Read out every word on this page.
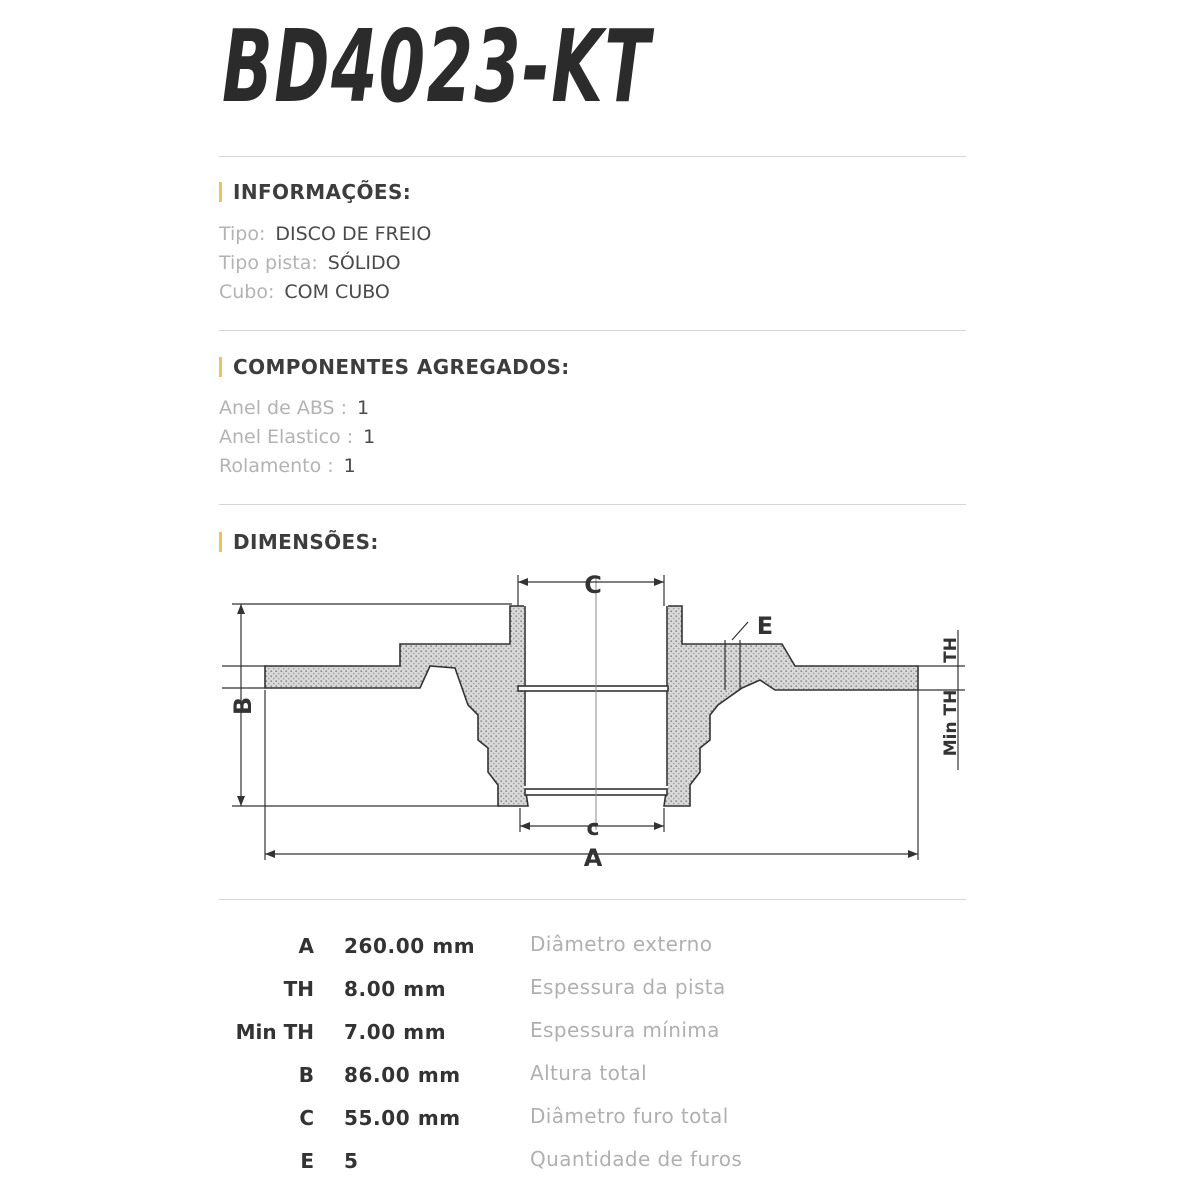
BD4023-KT
INFORMAÇÕES:
Tipo: DISCO DE FREIO
Tipo pista: SÓLIDO
Cubo: COM CUBO
COMPONENTES AGREGADOS:
Anel de ABS : 1
Anel Elastico : 1
Rolamento : 1
DIMENSÕES:
C
c
A
E
B
TH
Min TH
A 260.00 mm	Diâmetro externo
TH 8.00 mm	Espessura da pista
Min TH 7.00 mm	Espessura mínima
B 86.00 mm	Altura total
C 55.00 mm	Diâmetro furo total
E 5	Quantidade de furos
